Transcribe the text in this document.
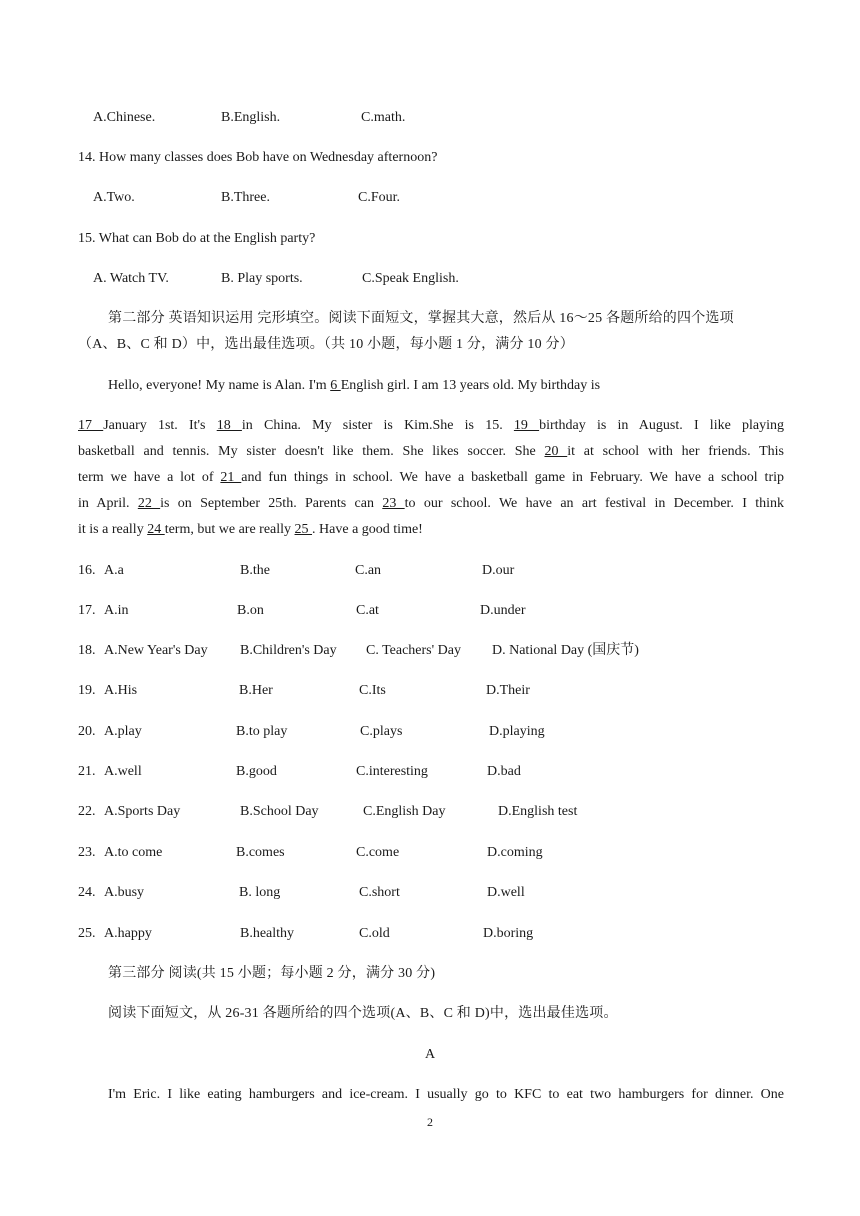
A.Chinese.	B.English.	C.math.
14. How many classes does Bob have on Wednesday afternoon?
A.Two.	B.Three.	C.Four.
15. What can Bob do at the English party?
A. Watch TV.	B. Play sports.	C.Speak English.
第二部分 英语知识运用 完形填空。阅读下面短文，掌握其大意，然后从 16～25 各题所给的四个选项
（A、B、C 和 D）中，选出最佳选项。（共 10 小题，每小题 1 分，满分 10 分）
Hello, everyone! My name is Alan. I'm 6 English girl. I am 13 years old. My birthday is
17 January 1st. It's 18 in China. My sister is Kim.She is 15. 19 birthday is in August. I like playing
basketball and tennis. My sister doesn't like them. She likes soccer. She 20 it at school with her friends. This
term we have a lot of 21 and fun things in school. We have a basketball game in February. We have a school trip
in April. 22 is on September 25th. Parents can 23 to our school. We have an art festival in December. I think
it is a really 24 term, but we are really 25 . Have a good time!
16. A.a	B.the	C.an	D.our
17. A.in	B.on	C.at	D.under
18. A.New Year's Day B.Children's Day C. Teachers' Day D. National Day (国庆节)
19. A.His	B.Her	C.Its	D.Their
20. A.play	B.to play	C.plays	D.playing
21. A.well	B.good	C.interesting	D.bad
22. A.Sports Day	B.School Day	C.English Day	D.English test
23. A.to come	B.comes	C.come	D.coming
24. A.busy	B. long	C.short	D.well
25. A.happy	B.healthy	C.old	D.boring
第三部分 阅读(共 15 小题；每小题 2 分，满分 30 分)
阅读下面短文，从 26-31 各题所给的四个选项(A、B、C 和 D)中，选出最佳选项。
A
I'm Eric. I like eating hamburgers and ice-cream. I usually go to KFC to eat two hamburgers for dinner. One
2
